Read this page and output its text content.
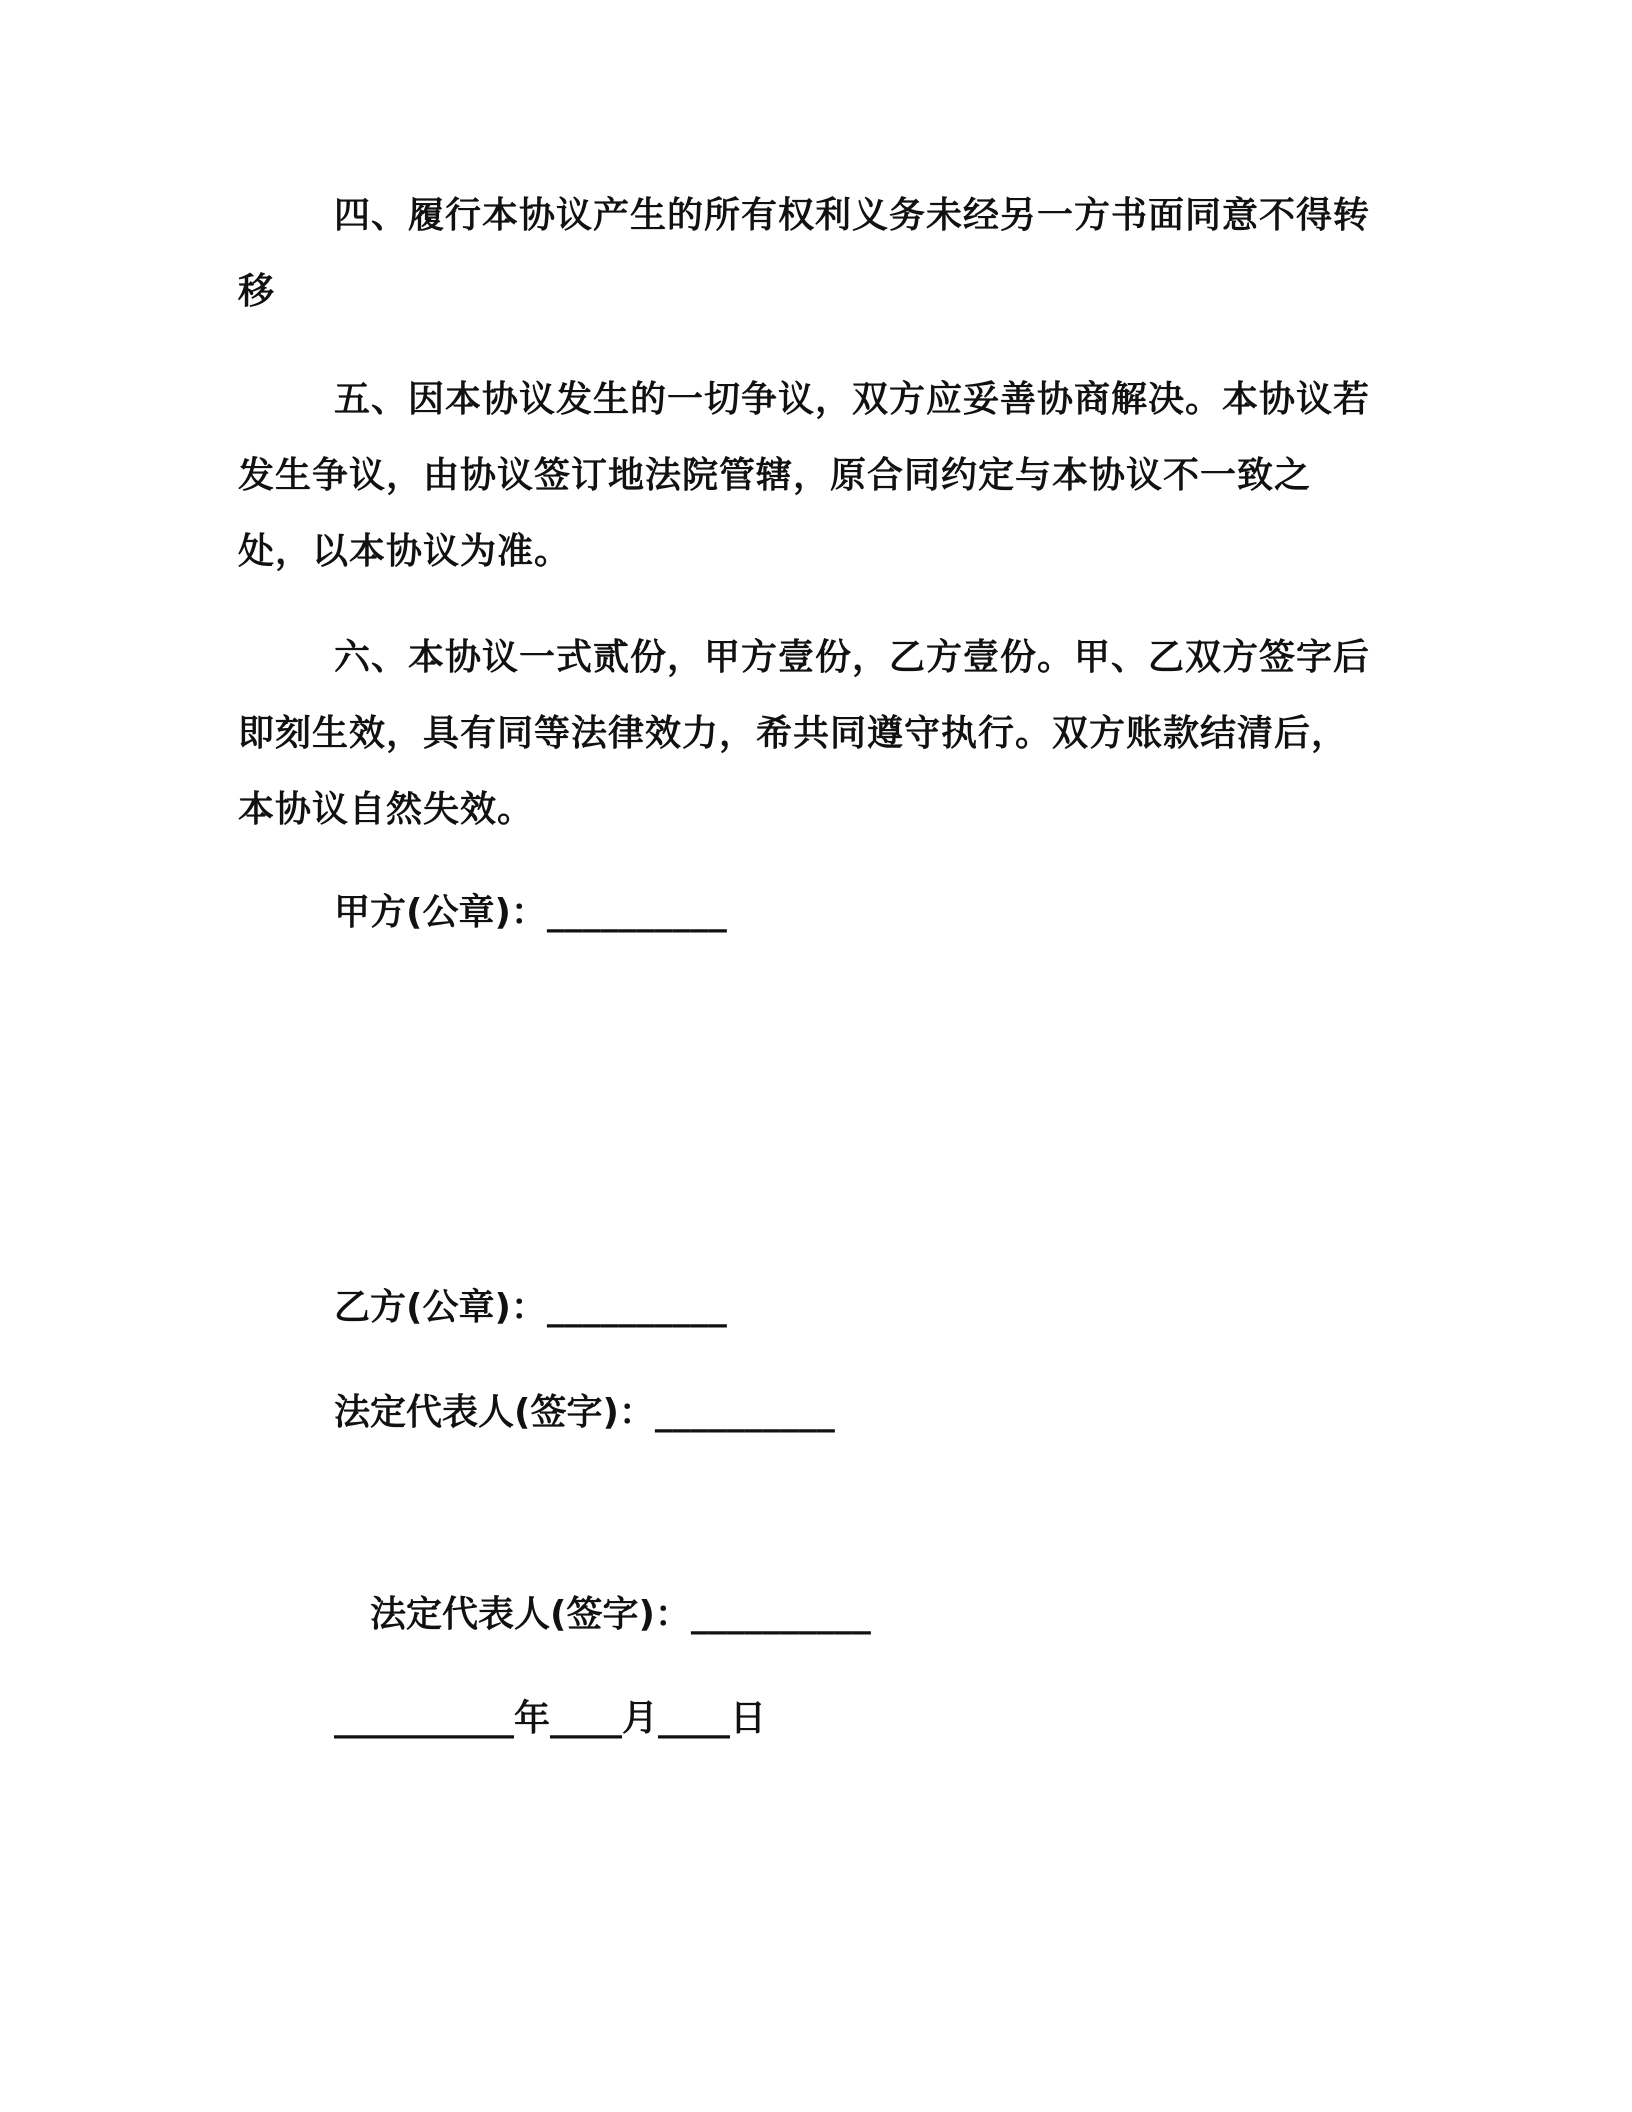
四、履行本协议产生的所有权利义务未经另一方书面同意不得转移

五、因本协议发生的一切争议，双方应妥善协商解决。本协议若发生争议，由协议签订地法院管辖，原合同约定与本协议不一致之处，以本协议为准。

六、本协议一式贰份，甲方壹份，乙方壹份。甲、乙双方签字后即刻生效，具有同等法律效力，希共同遵守执行。双方账款结清后，本协议自然失效。

甲方(公章)：__________

乙方(公章)：__________

法定代表人(签字)：__________

法定代表人(签字)：__________

__________年____月____日
